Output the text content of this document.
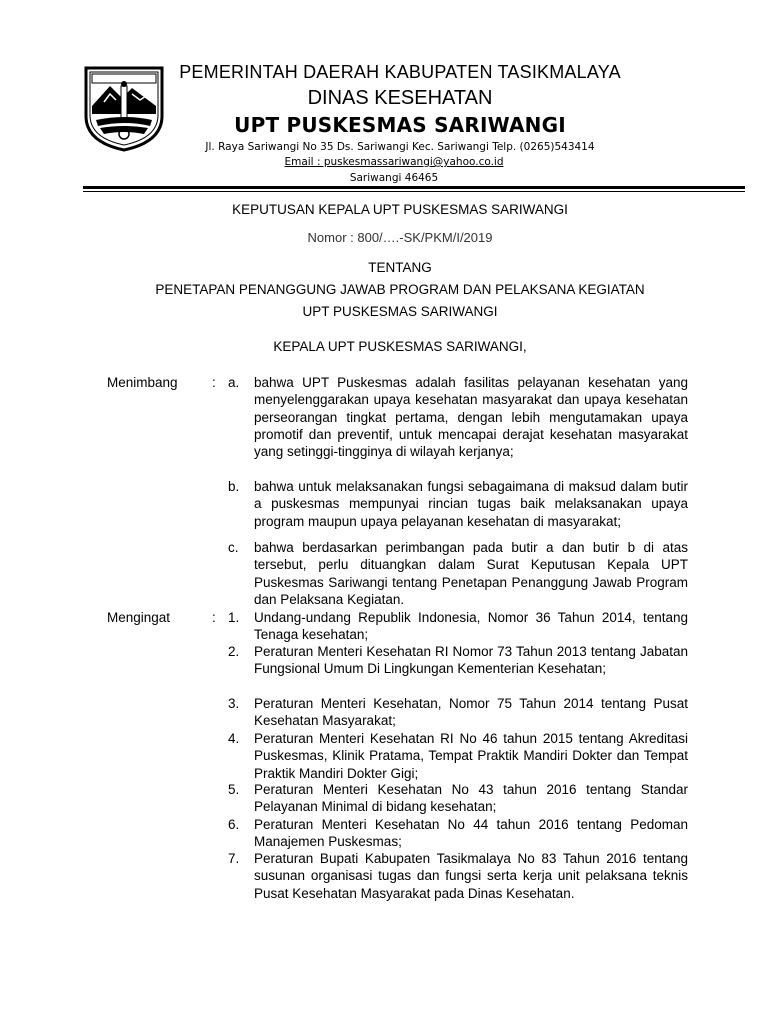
PEMERINTAH DAERAH KABUPATEN TASIKMALAYA
DINAS KESEHATAN
UPT PUSKESMAS SARIWANGI
Jl. Raya Sariwangi No 35 Ds. Sariwangi Kec. Sariwangi Telp. (0265)543414
Email : puskesmassariwangi@yahoo.co.id
Sariwangi 46465
KEPUTUSAN KEPALA UPT PUSKESMAS SARIWANGI
Nomor : 800/….-SK/PKM/I/2019
TENTANG
PENETAPAN PENANGGUNG JAWAB PROGRAM DAN PELAKSANA KEGIATAN
UPT PUSKESMAS SARIWANGI
KEPALA UPT PUSKESMAS SARIWANGI,
Menimbang	: a. bahwa UPT Puskesmas adalah fasilitas pelayanan kesehatan yang menyelenggarakan upaya kesehatan masyarakat dan upaya kesehatan perseorangan tingkat pertama, dengan lebih mengutamakan upaya promotif dan preventif, untuk mencapai derajat kesehatan masyarakat yang setinggi-tingginya di wilayah kerjanya;
b. bahwa untuk melaksanakan fungsi sebagaimana di maksud dalam butir a puskesmas mempunyai rincian tugas baik melaksanakan upaya program maupun upaya pelayanan kesehatan di masyarakat;
c. bahwa berdasarkan perimbangan pada butir a dan butir b di atas tersebut, perlu dituangkan dalam Surat Keputusan Kepala UPT Puskesmas Sariwangi tentang Penetapan Penanggung Jawab Program dan Pelaksana Kegiatan.
Mengingat	: 1. Undang-undang Republik Indonesia, Nomor 36 Tahun 2014, tentang Tenaga kesehatan;
2. Peraturan Menteri Kesehatan RI Nomor 73 Tahun 2013 tentang Jabatan Fungsional Umum Di Lingkungan Kementerian Kesehatan;
3. Peraturan Menteri Kesehatan, Nomor 75 Tahun 2014 tentang Pusat Kesehatan Masyarakat;
4. Peraturan Menteri Kesehatan RI No 46 tahun 2015 tentang Akreditasi Puskesmas, Klinik Pratama, Tempat Praktik Mandiri Dokter dan Tempat Praktik Mandiri Dokter Gigi;
5. Peraturan Menteri Kesehatan No 43 tahun 2016 tentang Standar Pelayanan Minimal di bidang kesehatan;
6. Peraturan Menteri Kesehatan No 44 tahun 2016 tentang Pedoman Manajemen Puskesmas;
7. Peraturan Bupati Kabupaten Tasikmalaya No 83 Tahun 2016 tentang susunan organisasi tugas dan fungsi serta kerja unit pelaksana teknis Pusat Kesehatan Masyarakat pada Dinas Kesehatan.
